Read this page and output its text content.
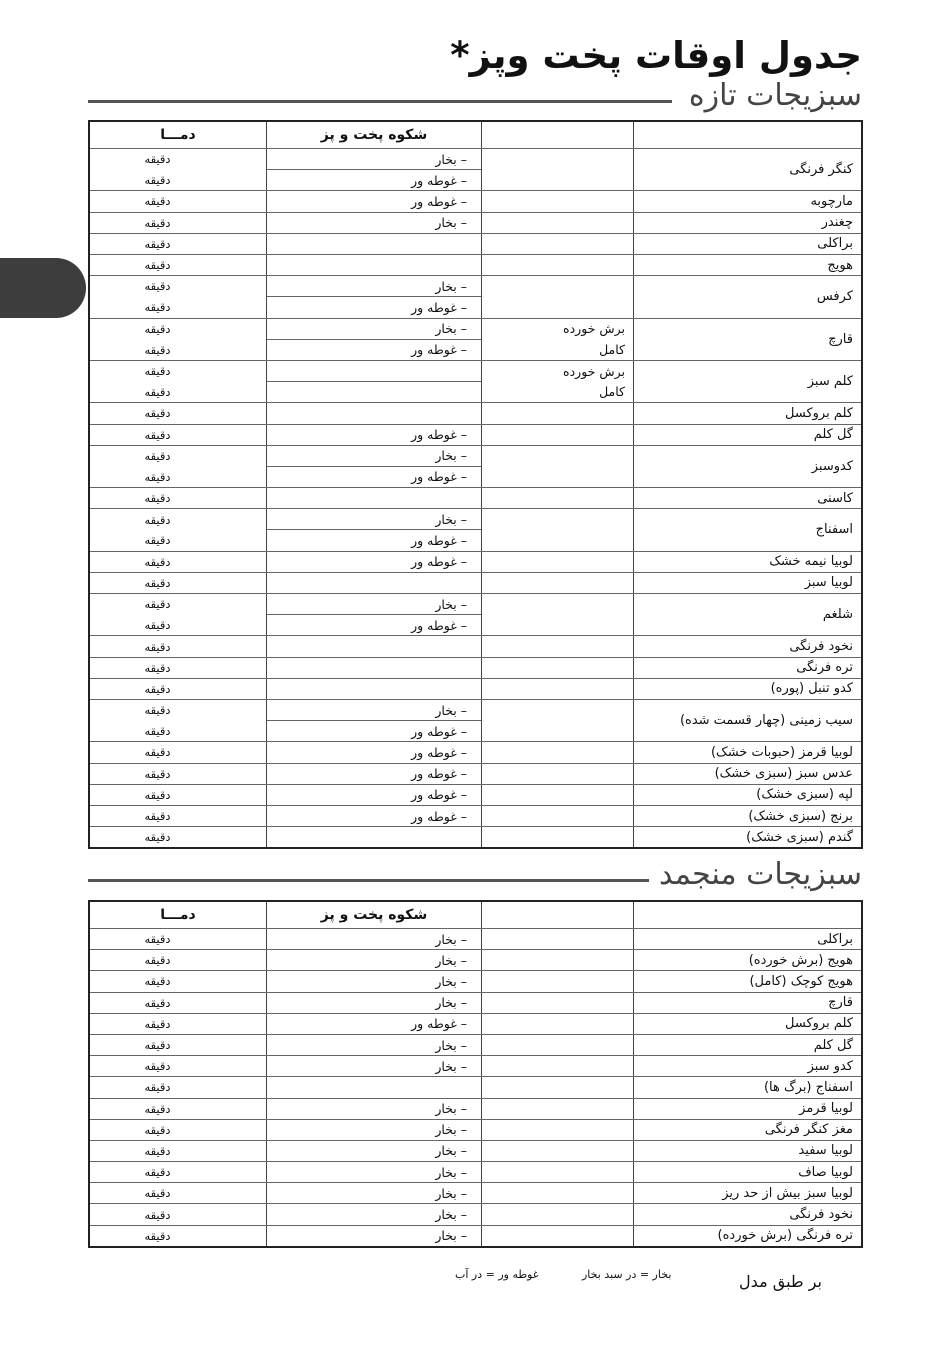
جدول اوقات پخت وپز*
سبزیجات تازه
شکوه پخت و پز
دمـــا
کنگر فرنگی
– بخار
– غوطه ور
دقیقه
دقیقه
مارچوبه
– غوطه ور
دقیقه
چغندر
– بخار
دقیقه
براکلی
دقیقه
هویج
دقیقه
کرفس
– بخار
– غوطه ور
دقیقه
دقیقه
قارچ
برش خورده
کامل
– بخار
– غوطه ور
دقیقه
دقیقه
کلم سبز
برش خورده
کامل
دقیقه
دقیقه
کلم بروکسل
دقیقه
گل کلم
– غوطه ور
دقیقه
کدوسبز
– بخار
– غوطه ور
دقیقه
دقیقه
کاسنی
دقیقه
اسفناج
– بخار
– غوطه ور
دقیقه
دقیقه
لوبیا نیمه خشک
– غوطه ور
دقیقه
لوبیا سبز
دقیقه
شلغم
– بخار
– غوطه ور
دقیقه
دقیقه
نخود فرنگی
دقیقه
تره فرنگی
دقیقه
کدو تنبل (پوره)
دقیقه
سیب زمینی (چهار قسمت شده)
– بخار
– غوطه ور
دقیقه
دقیقه
لوبیا قرمز (حبوبات خشک)
– غوطه ور
دقیقه
عدس سبز (سبزی خشک)
– غوطه ور
دقیقه
لپه (سبزی خشک)
– غوطه ور
دقیقه
برنج (سبزی خشک)
– غوطه ور
دقیقه
گندم (سبزی خشک)
دقیقه
سبزیجات منجمد
شکوه پخت و پز
دمـــا
براکلی
– بخار
دقیقه
هویج (برش خورده)
– بخار
دقیقه
هویج کوچک (کامل)
– بخار
دقیقه
قارچ
– بخار
دقیقه
کلم بروکسل
– غوطه ور
دقیقه
گل کلم
– بخار
دقیقه
کدو سبز
– بخار
دقیقه
اسفناج (برگ ها)
دقیقه
لوبیا قرمز
– بخار
دقیقه
مغز کنگر فرنگی
– بخار
دقیقه
لوبیا سفید
– بخار
دقیقه
لوبیا صاف
– بخار
دقیقه
لوبیا سبز بیش از حد ریز
– بخار
دقیقه
نخود فرنگی
– بخار
دقیقه
تره فرنگی (برش خورده)
– بخار
دقیقه
بخار = در سبد بخار
غوطه ور = در آب	بر طبق مدل
